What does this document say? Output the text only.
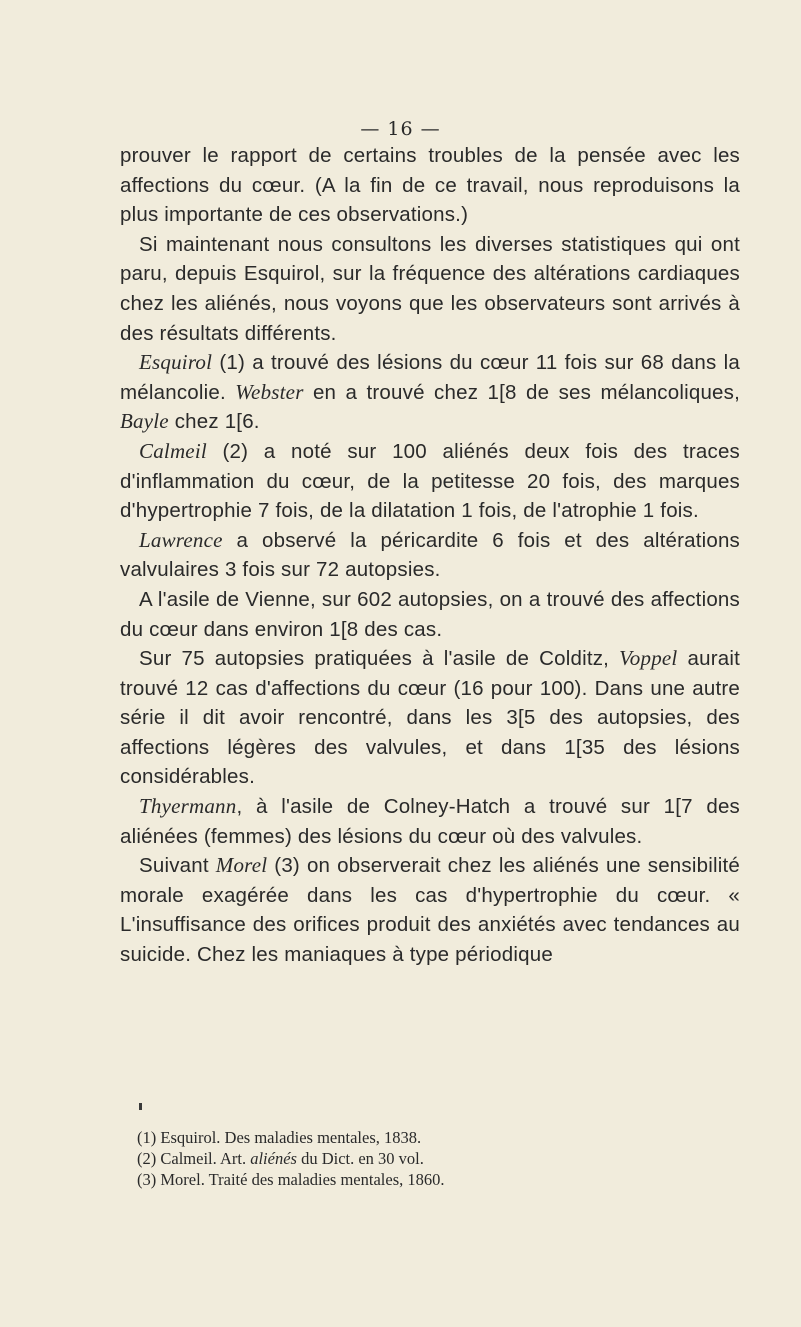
— 16 —

prouver le rapport de certains troubles de la pensée avec les affections du cœur. (A la fin de ce travail, nous reproduisons la plus importante de ces observations.)

Si maintenant nous consultons les diverses statistiques qui ont paru, depuis Esquirol, sur la fréquence des altérations cardiaques chez les aliénés, nous voyons que les observateurs sont arrivés à des résultats différents.

Esquirol (1) a trouvé des lésions du cœur 11 fois sur 68 dans la mélancolie. Webster en a trouvé chez 1[8 de ses mélancoliques, Bayle chez 1[6.

Calmeil (2) a noté sur 100 aliénés deux fois des traces d'inflammation du cœur, de la petitesse 20 fois, des marques d'hypertrophie 7 fois, de la dilatation 1 fois, de l'atrophie 1 fois.

Lawrence a observé la péricardite 6 fois et des altérations valvulaires 3 fois sur 72 autopsies.

A l'asile de Vienne, sur 602 autopsies, on a trouvé des affections du cœur dans environ 1[8 des cas.

Sur 75 autopsies pratiquées à l'asile de Colditz, Voppel aurait trouvé 12 cas d'affections du cœur (16 pour 100). Dans une autre série il dit avoir rencontré, dans les 3[5 des autopsies, des affections légères des valvules, et dans 1[35 des lésions considérables.

Thyermann, à l'asile de Colney-Hatch a trouvé sur 1[7 des aliénées (femmes) des lésions du cœur où des valvules.

Suivant Morel (3) on observerait chez les aliénés une sensibilité morale exagérée dans les cas d'hypertrophie du cœur. « L'insuffisance des orifices produit des anxiétés avec tendances au suicide. Chez les maniaques à type périodique

(1) Esquirol. Des maladies mentales, 1838.
(2) Calmeil. Art. aliénés du Dict. en 30 vol.
(3) Morel. Traité des maladies mentales, 1860.
